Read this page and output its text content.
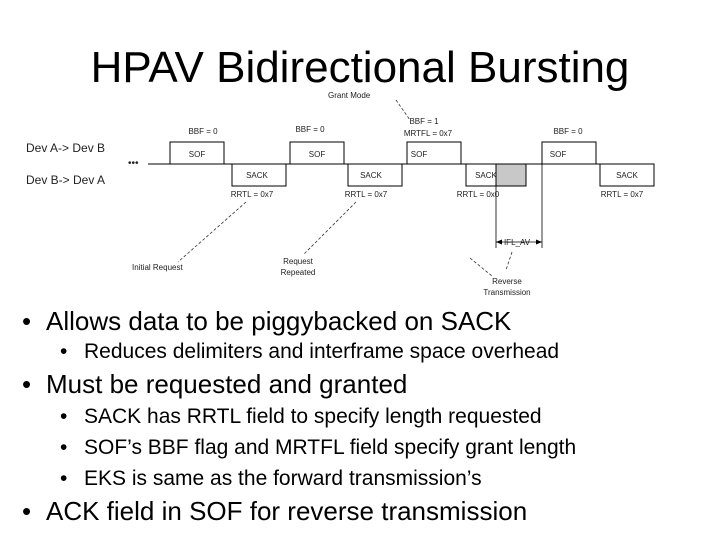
HPAV Bidirectional Bursting
Grant Mode
Dev A-> Dev B
Dev B-> Dev A
•••
SOF
BBF = 0
SOF
BBF = 0
SOF
BBF = 1
MRTFL = 0x7
SOF
BBF = 0
SACK
RRTL = 0x7
SACK
RRTL = 0x7
SACK
RRTL = 0x0
SACK
RRTL = 0x7
IFL_AV
Initial Request
Request
Repeated
Reverse
Transmission

• Allows data to be piggybacked on SACK

• Reduces delimiters and interframe space overhead

• Must be requested and granted

• SACK has RRTL field to specify length requested

• SOF’s BBF flag and MRTFL field specify grant length

• EKS is same as the forward transmission’s

• ACK field in SOF for reverse transmission
